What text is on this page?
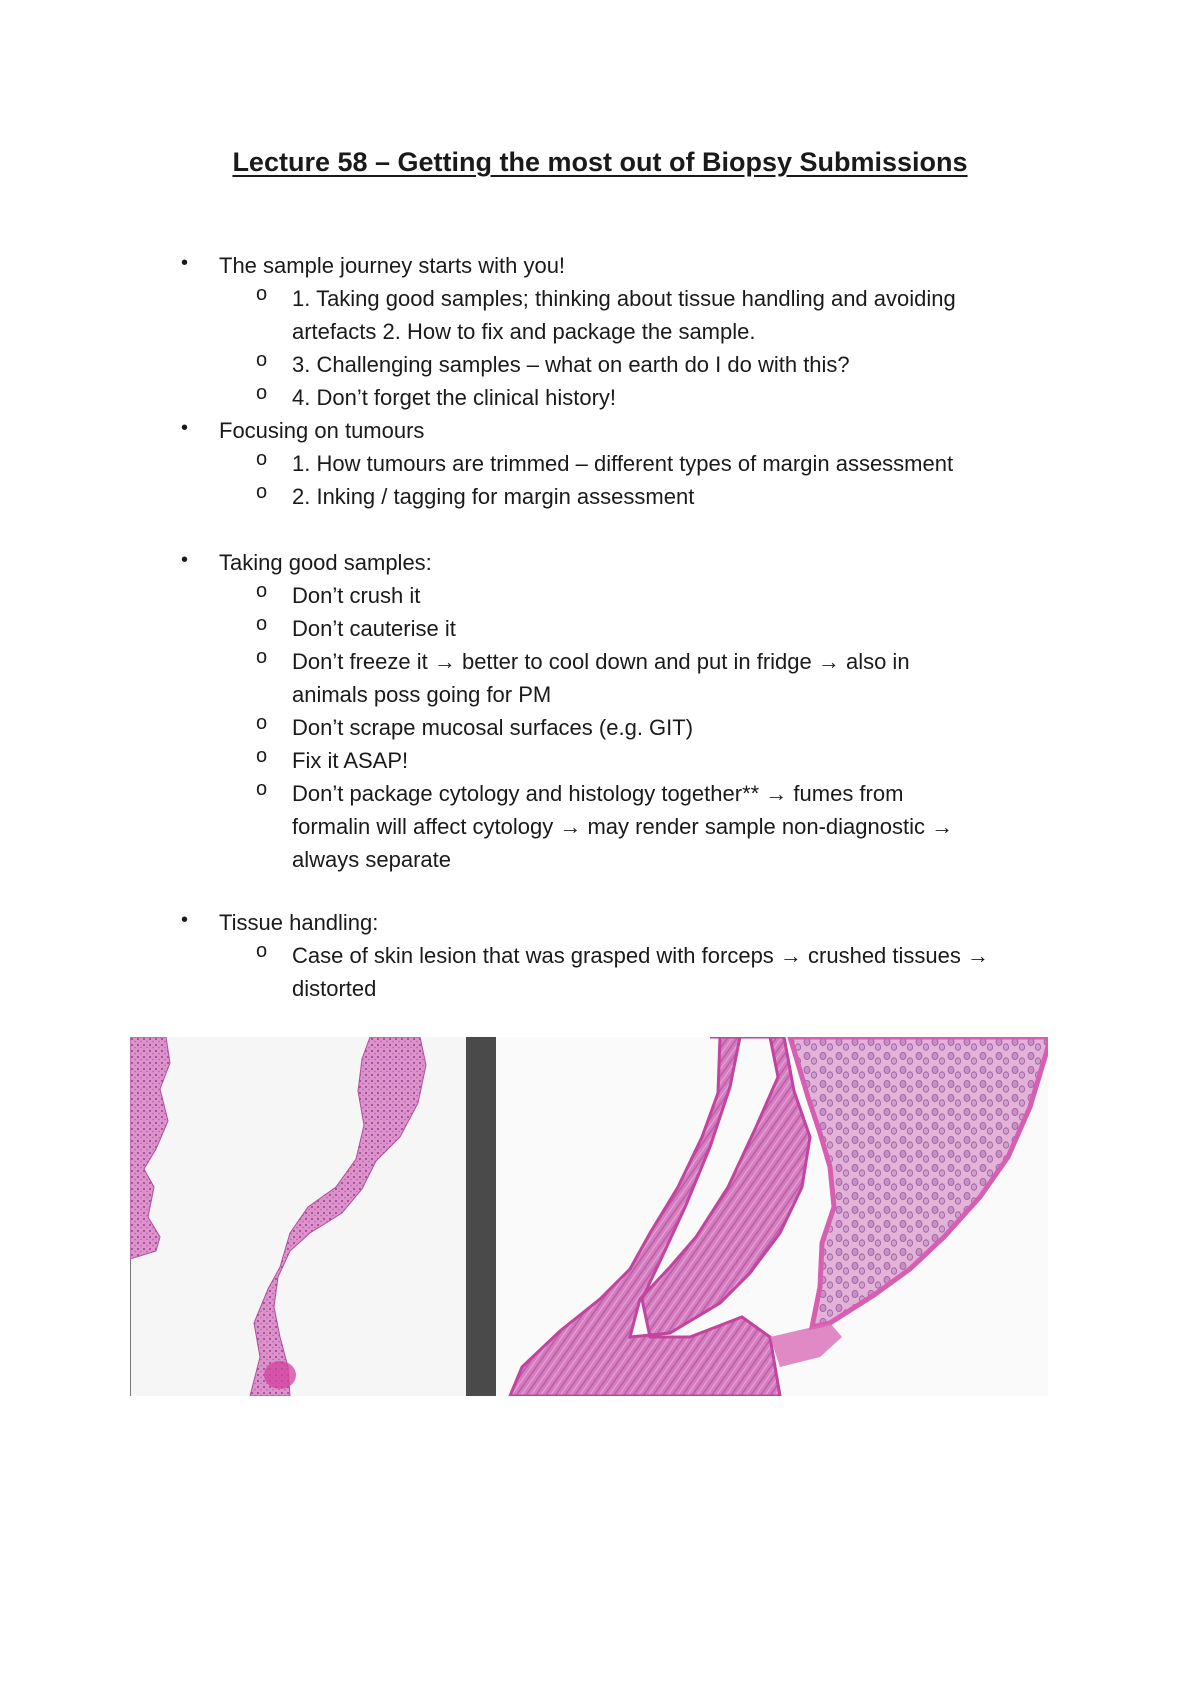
Lecture 58 – Getting the most out of Biopsy Submissions
• The sample journey starts with you!
o 1. Taking good samples; thinking about tissue handling and avoiding
artefacts 2. How to fix and package the sample.
o 3. Challenging samples – what on earth do I do with this?
o 4. Don’t forget the clinical history!
• Focusing on tumours
o 1. How tumours are trimmed – different types of margin assessment
o 2. Inking / tagging for margin assessment
• Taking good samples:
o Don’t crush it
o Don’t cauterise it
o Don’t freeze it → better to cool down and put in fridge → also in
animals poss going for PM
o Don’t scrape mucosal surfaces (e.g. GIT)
o Fix it ASAP!
o Don’t package cytology and histology together** → fumes from
formalin will affect cytology → may render sample non-diagnostic →
always separate
• Tissue handling:
o Case of skin lesion that was grasped with forceps → crushed tissues →
distorted
